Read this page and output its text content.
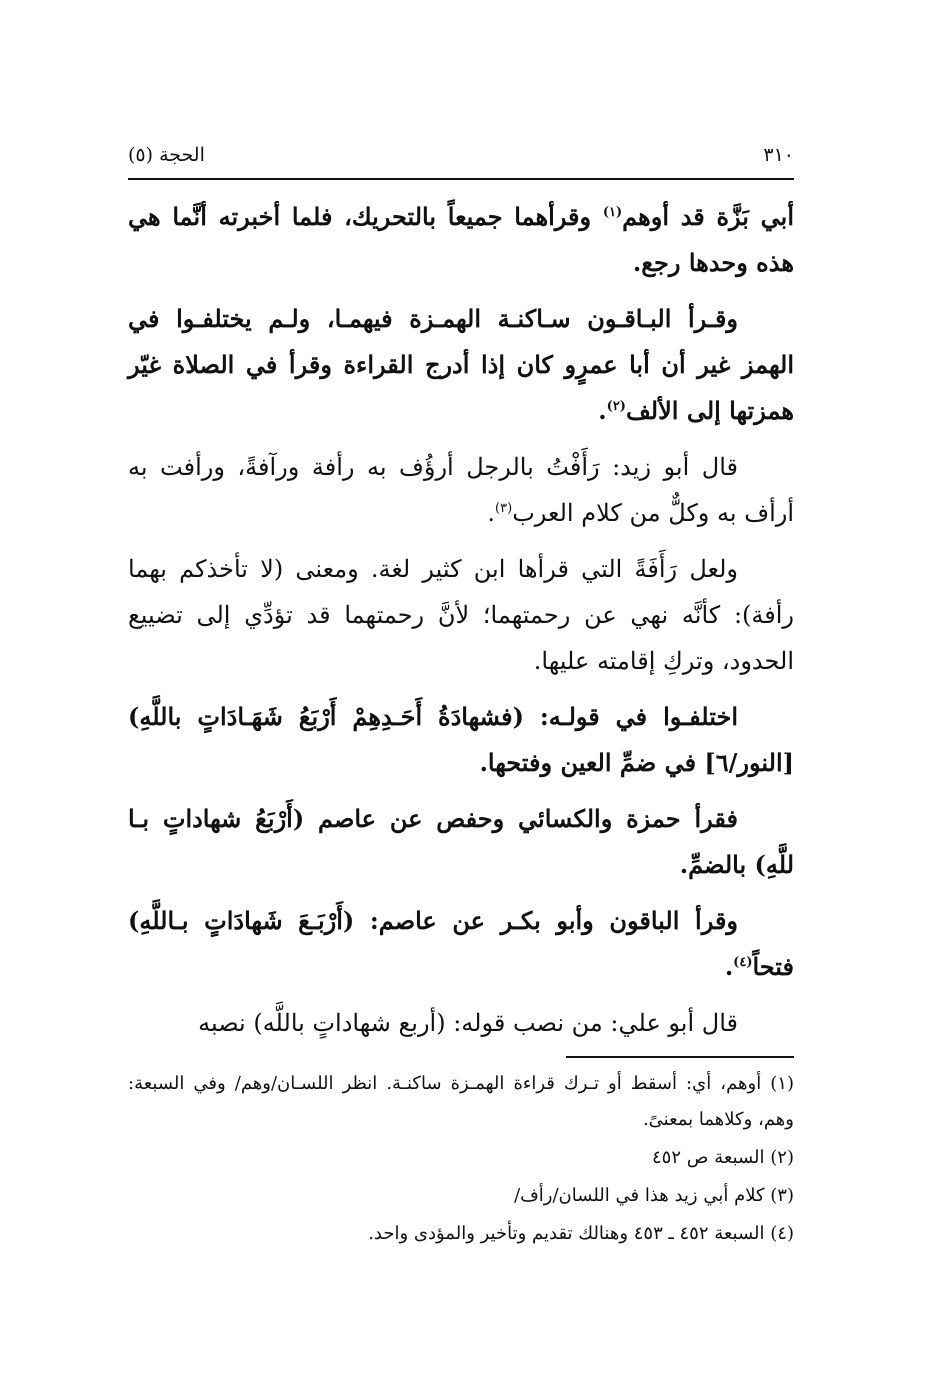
٣١٠
الحجة (٥)

أبي بَزَّة قد أوهم$^{(١)}$ وقرأهما جميعاً بالتحريك، فلما أخبرته أنَّما هي هذه وحدها رجع.

وقـرأ البـاقـون سـاكنـة الهمـزة فيهمـا، ولـم يختلفـوا في الهمز غير أن أبا عمرٍو كان إذا أدرج القراءة وقرأ في الصلاة غيّر همزتها إلى الألف$^{(٢)}$.

قال أبو زيد: رَأَفْتُ بالرجل أرؤُف به رأفة ورآفةً، ورأفت به أرأف به وكلٌّ من كلام العرب$^{(٣)}$.

ولعل رَأَفَةً التي قرأها ابن كثير لغة. ومعنى (لا تأخذكم بهما رأفة): كأنَّه نهي عن رحمتهما؛ لأنَّ رحمتهما قد تؤدِّي إلى تضييع الحدود، وتركِ إقامته عليها.

اختلفـوا في قولـه: (فشهادَةُ أَحَـدِهِمْ أَرْبَعُ شَهَـادَاتٍ باللَّهِ) [النور/٦] في ضمِّ العين وفتحها.

فقرأ حمزة والكسائي وحفص عن عاصم (أَرْبَعُ شهاداتٍ بـا للَّهِ) بالضمِّ.

وقرأ الباقون وأبو بكـر عن عاصم: (أَرْبَـعَ شَهادَاتٍ بـاللَّهِ) فتحاً$^{(٤)}$.

قال أبو علي: من نصب قوله: (أربع شهاداتٍ باللَّه) نصبه

(١) أوهم، أي: أسقط أو تـرك قراءة الهمـزة ساكنـة. انظر اللسـان/وهم/ وفي السبعة: وهم، وكلاهما بمعنىً.

(٢) السبعة ص ٤٥٢

(٣) كلام أبي زيد هذا في اللسان/رأف/

(٤) السبعة ٤٥٢ ـ ٤٥٣ وهنالك تقديم وتأخير والمؤدى واحد.
